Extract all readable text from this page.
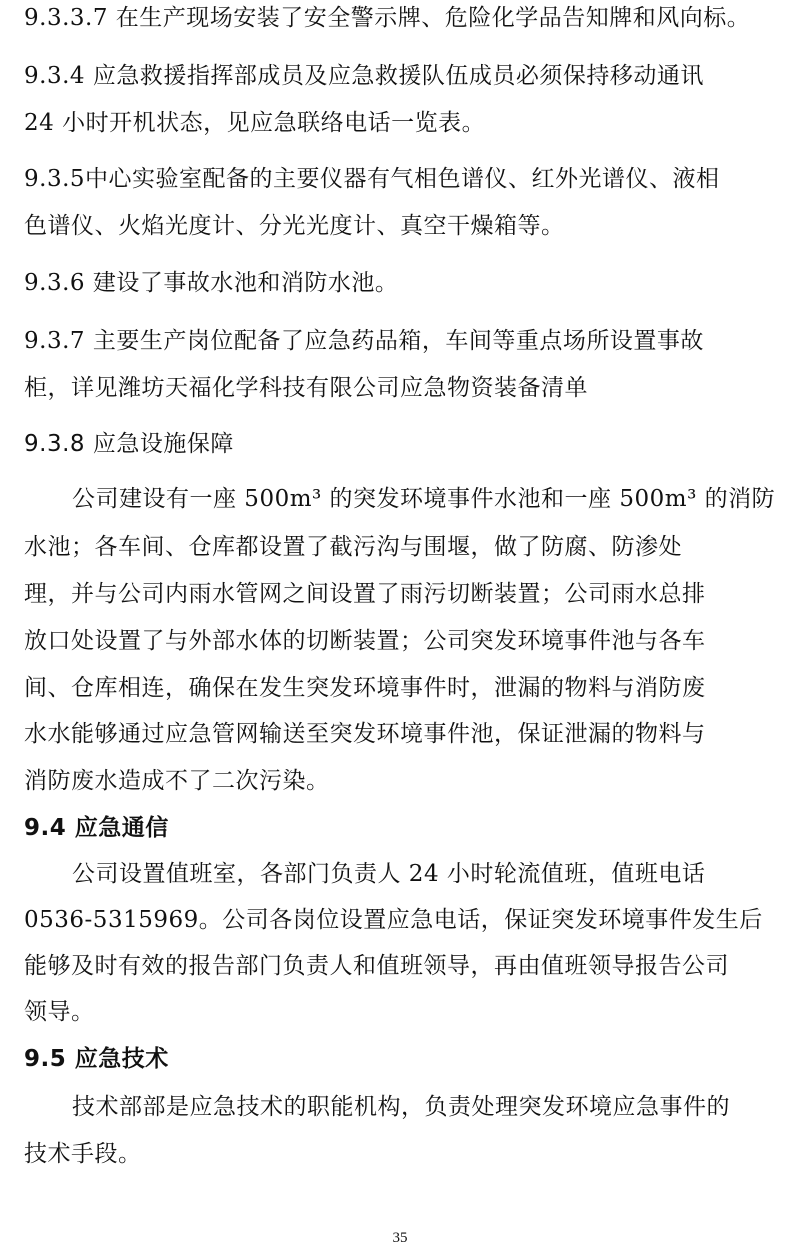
9.3.3.7 在生产现场安装了安全警示牌、危险化学品告知牌和风向标。
9.3.4 应急救援指挥部成员及应急救援队伍成员必须保持移动通讯
24 小时开机状态，见应急联络电话一览表。
9.3.5中心实验室配备的主要仪器有气相色谱仪、红外光谱仪、液相
色谱仪、火焰光度计、分光光度计、真空干燥箱等。
9.3.6 建设了事故水池和消防水池。
9.3.7 主要生产岗位配备了应急药品箱，车间等重点场所设置事故
柜，详见潍坊天福化学科技有限公司应急物资装备清单
9.3.8 应急设施保障
公司建设有一座 500m³ 的突发环境事件水池和一座 500m³ 的消防
水池；各车间、仓库都设置了截污沟与围堰，做了防腐、防渗处
理，并与公司内雨水管网之间设置了雨污切断装置；公司雨水总排
放口处设置了与外部水体的切断装置；公司突发环境事件池与各车
间、仓库相连，确保在发生突发环境事件时，泄漏的物料与消防废
水水能够通过应急管网输送至突发环境事件池，保证泄漏的物料与
消防废水造成不了二次污染。
9.4 应急通信
公司设置值班室，各部门负责人 24 小时轮流值班，值班电话
0536-5315969。公司各岗位设置应急电话，保证突发环境事件发生后
能够及时有效的报告部门负责人和值班领导，再由值班领导报告公司
领导。
9.5 应急技术
技术部部是应急技术的职能机构，负责处理突发环境应急事件的
技术手段。
35
